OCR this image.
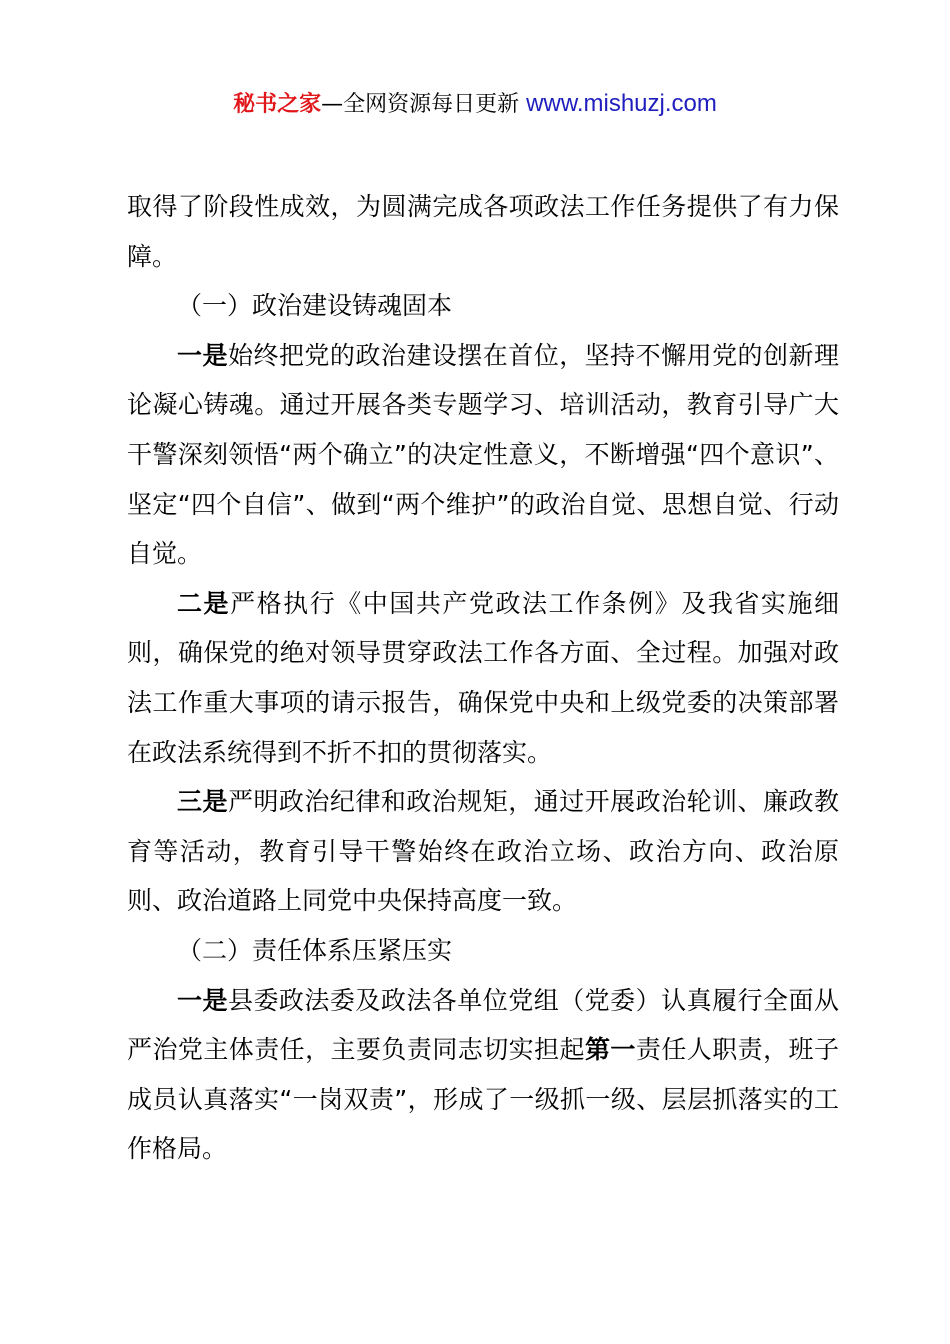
秘书之家—全网资源每日更新 www.mishuzj.com

取得了阶段性成效，为圆满完成各项政法工作任务提供了有力保障。

（一）政治建设铸魂固本

一是始终把党的政治建设摆在首位，坚持不懈用党的创新理论凝心铸魂。通过开展各类专题学习、培训活动，教育引导广大干警深刻领悟“两个确立”的决定性意义，不断增强“四个意识”、坚定“四个自信”、做到“两个维护”的政治自觉、思想自觉、行动自觉。

二是严格执行《中国共产党政法工作条例》及我省实施细则，确保党的绝对领导贯穿政法工作各方面、全过程。加强对政法工作重大事项的请示报告，确保党中央和上级党委的决策部署在政法系统得到不折不扣的贯彻落实。

三是严明政治纪律和政治规矩，通过开展政治轮训、廉政教育等活动，教育引导干警始终在政治立场、政治方向、政治原则、政治道路上同党中央保持高度一致。

（二）责任体系压紧压实

一是县委政法委及政法各单位党组（党委）认真履行全面从严治党主体责任，主要负责同志切实担起第一责任人职责，班子成员认真落实“一岗双责”，形成了一级抓一级、层层抓落实的工作格局。
